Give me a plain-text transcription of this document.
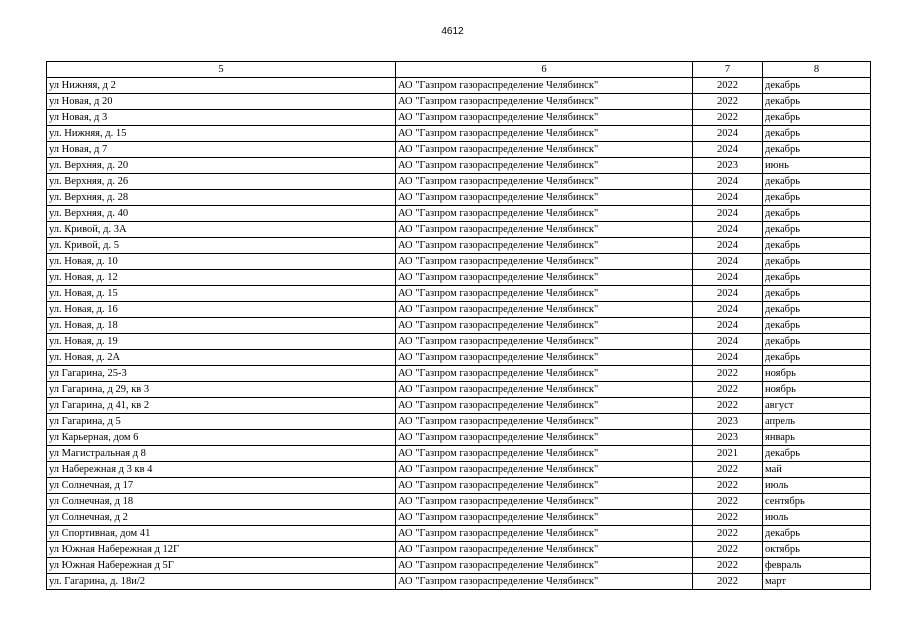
4612
5	6	7	8
ул Нижняя, д 2	АО "Газпром газораспределение Челябинск"	2022	декабрь
ул Новая, д 20	АО "Газпром газораспределение Челябинск"	2022	декабрь
ул Новая, д 3	АО "Газпром газораспределение Челябинск"	2022	декабрь
ул. Нижняя, д. 15	АО "Газпром газораспределение Челябинск"	2024	декабрь
ул Новая, д 7	АО "Газпром газораспределение Челябинск"	2024	декабрь
ул. Верхняя, д. 20	АО "Газпром газораспределение Челябинск"	2023	июнь
ул. Верхняя, д. 26	АО "Газпром газораспределение Челябинск"	2024	декабрь
ул. Верхняя, д. 28	АО "Газпром газораспределение Челябинск"	2024	декабрь
ул. Верхняя, д. 40	АО "Газпром газораспределение Челябинск"	2024	декабрь
ул. Кривой, д. 3А	АО "Газпром газораспределение Челябинск"	2024	декабрь
ул. Кривой, д. 5	АО "Газпром газораспределение Челябинск"	2024	декабрь
ул. Новая, д. 10	АО "Газпром газораспределение Челябинск"	2024	декабрь
ул. Новая, д. 12	АО "Газпром газораспределение Челябинск"	2024	декабрь
ул. Новая, д. 15	АО "Газпром газораспределение Челябинск"	2024	декабрь
ул. Новая, д. 16	АО "Газпром газораспределение Челябинск"	2024	декабрь
ул. Новая, д. 18	АО "Газпром газораспределение Челябинск"	2024	декабрь
ул. Новая, д. 19	АО "Газпром газораспределение Челябинск"	2024	декабрь
ул. Новая, д. 2А	АО "Газпром газораспределение Челябинск"	2024	декабрь
ул Гагарина, 25-3	АО "Газпром газораспределение Челябинск"	2022	ноябрь
ул Гагарина, д 29, кв 3	АО "Газпром газораспределение Челябинск"	2022	ноябрь
ул Гагарина, д 41, кв 2	АО "Газпром газораспределение Челябинск"	2022	август
ул Гагарина, д 5	АО "Газпром газораспределение Челябинск"	2023	апрель
ул Карьерная, дом 6	АО "Газпром газораспределение Челябинск"	2023	январь
ул Магистральная д 8	АО "Газпром газораспределение Челябинск"	2021	декабрь
ул Набережная д 3 кв 4	АО "Газпром газораспределение Челябинск"	2022	май
ул Солнечная, д 17	АО "Газпром газораспределение Челябинск"	2022	июль
ул Солнечная, д 18	АО "Газпром газораспределение Челябинск"	2022	сентябрь
ул Солнечная, д 2	АО "Газпром газораспределение Челябинск"	2022	июль
ул Спортивная, дом 41	АО "Газпром газораспределение Челябинск"	2022	декабрь
ул Южная Набережная д 12Г	АО "Газпром газораспределение Челябинск"	2022	октябрь
ул Южная Набережная д 5Г	АО "Газпром газораспределение Челябинск"	2022	февраль
ул. Гагарина, д. 18и/2	АО "Газпром газораспределение Челябинск"	2022	март
